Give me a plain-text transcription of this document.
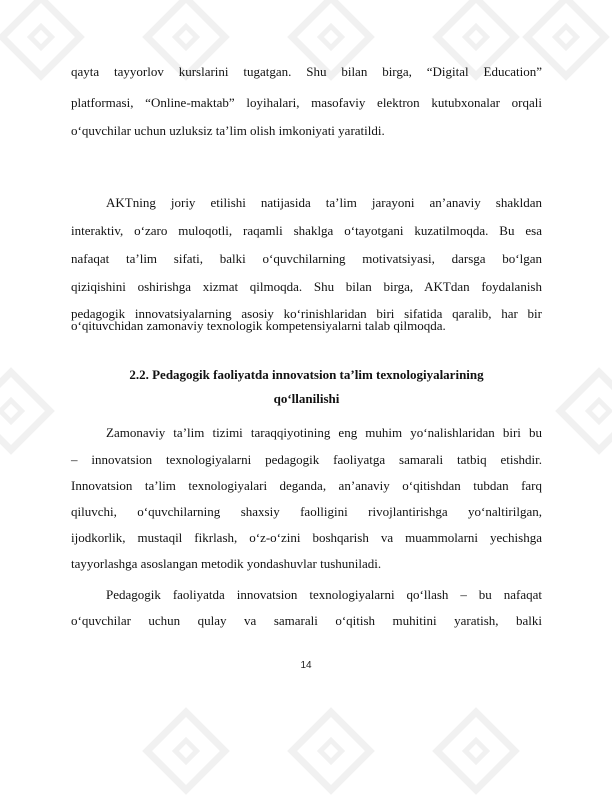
qayta tayyorlov kurslarini tugatgan. Shu bilan birga, “Digital Education”
platformasi, “Online-maktab” loyihalari, masofaviy elektron kutubxonalar orqali
o‘quvchilar uchun uzluksiz ta’lim olish imkoniyati yaratildi.
AKTning joriy etilishi natijasida ta’lim jarayoni an’anaviy shakldan
interaktiv, o‘zaro muloqotli, raqamli shaklga o‘tayotgani kuzatilmoqda. Bu esa
nafaqat ta’lim sifati, balki o‘quvchilarning motivatsiyasi, darsga bo‘lgan
qiziqishini oshirishga xizmat qilmoqda. Shu bilan birga, AKTdan foydalanish
pedagogik innovatsiyalarning asosiy ko‘rinishlaridan biri sifatida qaralib, har bir
o‘qituvchidan zamonaviy texnologik kompetensiyalarni talab qilmoqda.
2.2. Pedagogik faoliyatda innovatsion ta’lim texnologiyalarining
qo‘llanilishi
Zamonaviy ta’lim tizimi taraqqiyotining eng muhim yo‘nalishlaridan biri bu
– innovatsion texnologiyalarni pedagogik faoliyatga samarali tatbiq etishdir.
Innovatsion ta’lim texnologiyalari deganda, an’anaviy o‘qitishdan tubdan farq
qiluvchi, o‘quvchilarning shaxsiy faolligini rivojlantirishga yo‘naltirilgan,
ijodkorlik, mustaqil fikrlash, o‘z-o‘zini boshqarish va muammolarni yechishga
tayyorlashga asoslangan metodik yondashuvlar tushuniladi.
Pedagogik faoliyatda innovatsion texnologiyalarni qo‘llash – bu nafaqat
o‘quvchilar uchun qulay va samarali o‘qitish muhitini yaratish, balki
14
